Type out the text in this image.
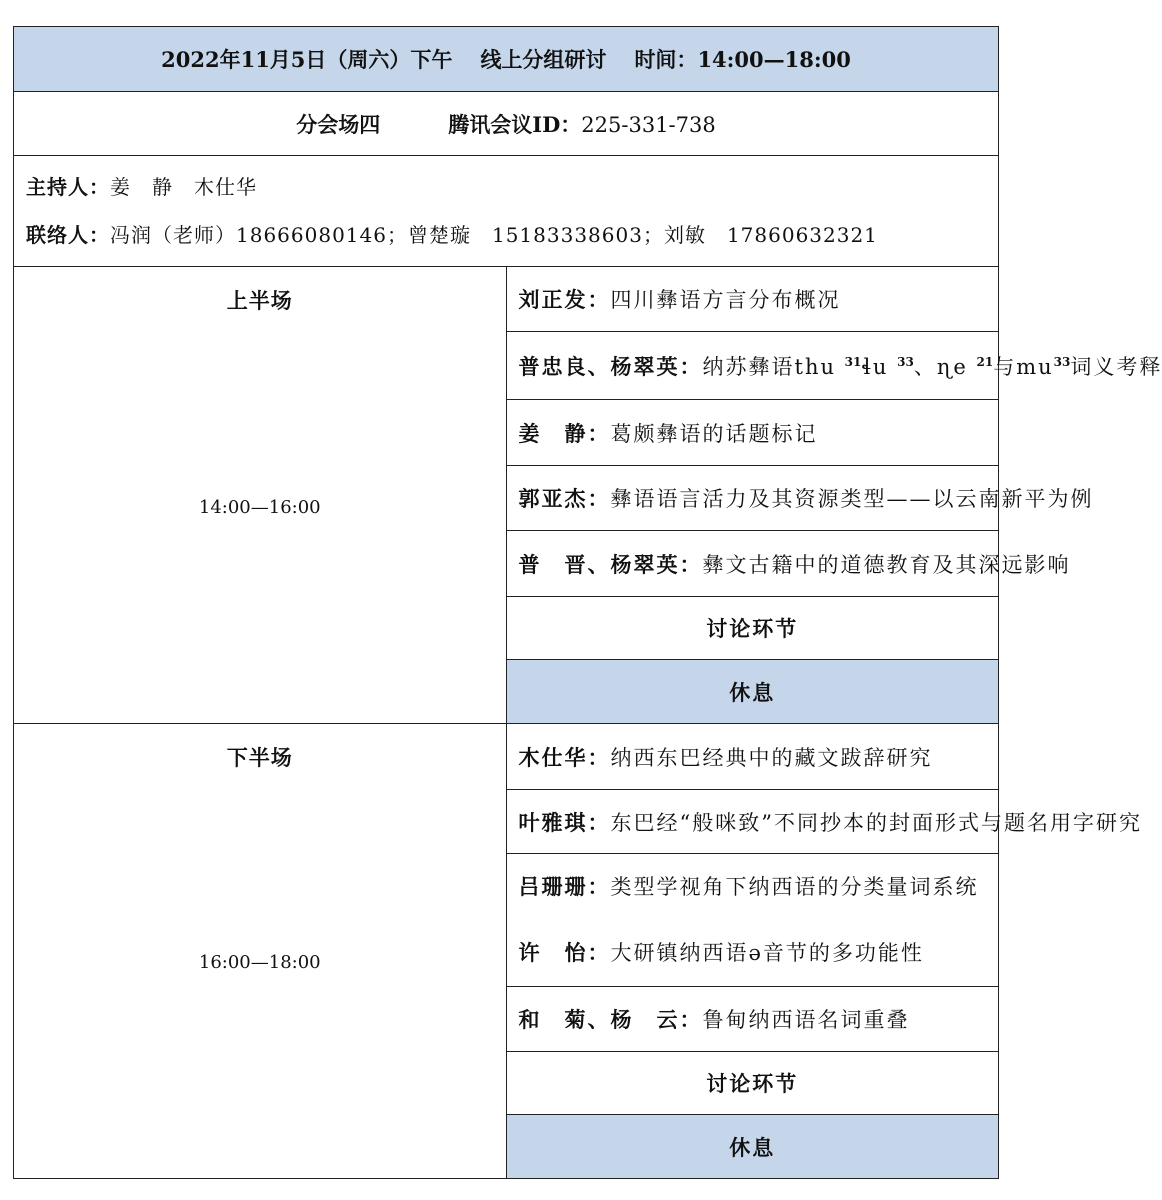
2022年11月5日（周六）下午 线上分组研讨 时间：14:00—18:00	
分会场四 腾讯会议ID：225-331-738	

主持人：姜　静　木仕华
联络人：冯润（老师）18666080146；曾楚璇　15183338603；刘敏　17860632321	

上半场
14:00—16:00	刘正发：四川彝语方言分布概况
	普忠良、杨翠英：纳苏彝语thu $^{31}$ɬu $^{33}$、ɳe $^{21}$与$mu^{33}$词义考释
	姜　静：葛颇彝语的话题标记
	郭亚杰：彝语语言活力及其资源类型——以云南新平为例
	普　晋、杨翠英：彝文古籍中的道德教育及其深远影响
	讨论环节
	休息

下半场
16:00—18:00	木仕华：纳西东巴经典中的藏文跋辞研究
	叶雅琪：东巴经“般咪致”不同抄本的封面形式与题名用字研究

	吕珊珊：类型学视角下纳西语的分类量词系统
许　怡：大研镇纳西语ə音节的多功能性

	和　菊、杨　云：鲁甸纳西语名词重叠
	讨论环节
	休息
